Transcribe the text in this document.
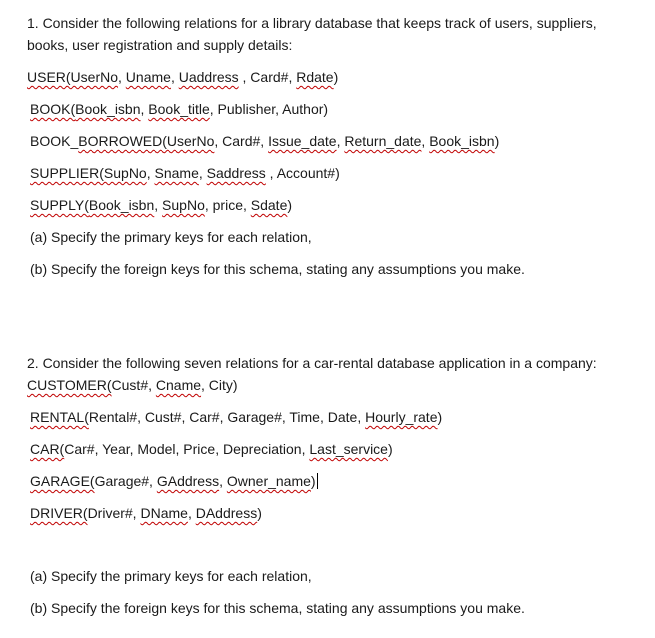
1. Consider the following relations for a library database that keeps track of users, suppliers,
books, user registration and supply details:
USER(UserNo, Uname, Uaddress , Card#, Rdate)
BOOK(Book_isbn, Book_title, Publisher, Author)
BOOK_BORROWED(UserNo, Card#, Issue_date, Return_date, Book_isbn)
SUPPLIER(SupNo, Sname, Saddress , Account#)
SUPPLY(Book_isbn, SupNo, price, Sdate)
(a) Specify the primary keys for each relation,
(b) Specify the foreign keys for this schema, stating any assumptions you make.
2. Consider the following seven relations for a car-rental database application in a company:
CUSTOMER(Cust#, Cname, City)
RENTAL(Rental#, Cust#, Car#, Garage#, Time, Date, Hourly_rate)
CAR(Car#, Year, Model, Price, Depreciation, Last_service)
GARAGE(Garage#, GAddress, Owner_name)
DRIVER(Driver#, DName, DAddress)
(a) Specify the primary keys for each relation,
(b) Specify the foreign keys for this schema, stating any assumptions you make.
